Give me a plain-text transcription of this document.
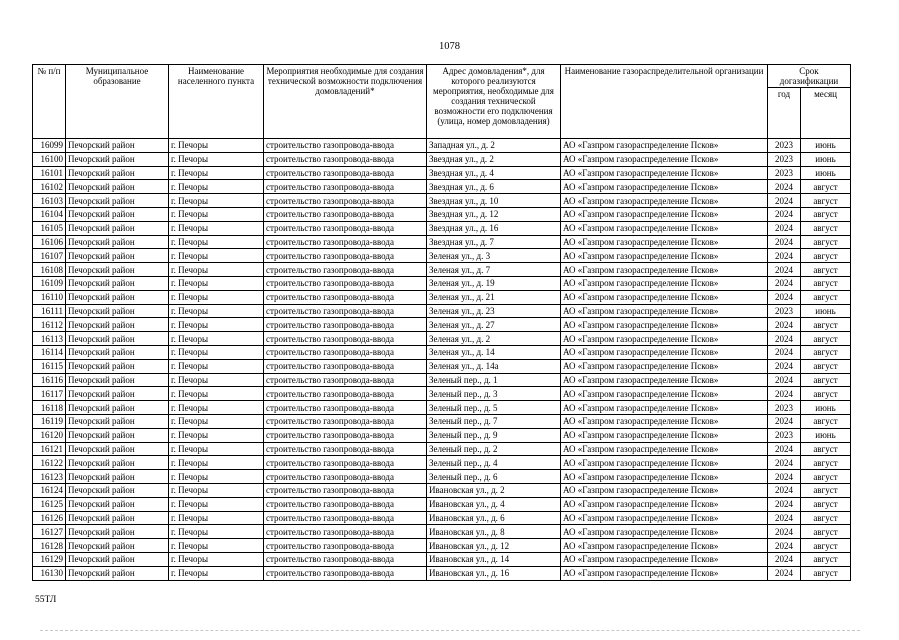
1078
№ п/п	Муниципальное образование	Наименование населенного пункта	Мероприятия необходимые для создания технической возможности подключения домовладений*	Адрес домовладения*, для которого реализуются мероприятия, необходимые для создания технической возможности его подключения (улица, номер домовладения)	Наименование газораспределительной организации	Срок догазификации	
						год	месяц
16099	Печорский район	г. Печоры	строительство газопровода-ввода	Западная ул., д. 2	АО «Газпром газораспределение Псков»	2023	июнь
16100	Печорский район	г. Печоры	строительство газопровода-ввода	Звездная ул., д. 2	АО «Газпром газораспределение Псков»	2023	июнь
16101	Печорский район	г. Печоры	строительство газопровода-ввода	Звездная ул., д. 4	АО «Газпром газораспределение Псков»	2023	июнь
16102	Печорский район	г. Печоры	строительство газопровода-ввода	Звездная ул., д. 6	АО «Газпром газораспределение Псков»	2024	август
16103	Печорский район	г. Печоры	строительство газопровода-ввода	Звездная ул., д. 10	АО «Газпром газораспределение Псков»	2024	август
16104	Печорский район	г. Печоры	строительство газопровода-ввода	Звездная ул., д. 12	АО «Газпром газораспределение Псков»	2024	август
16105	Печорский район	г. Печоры	строительство газопровода-ввода	Звездная ул., д. 16	АО «Газпром газораспределение Псков»	2024	август
16106	Печорский район	г. Печоры	строительство газопровода-ввода	Звездная ул., д. 7	АО «Газпром газораспределение Псков»	2024	август
16107	Печорский район	г. Печоры	строительство газопровода-ввода	Зеленая ул., д. 3	АО «Газпром газораспределение Псков»	2024	август
16108	Печорский район	г. Печоры	строительство газопровода-ввода	Зеленая ул., д. 7	АО «Газпром газораспределение Псков»	2024	август
16109	Печорский район	г. Печоры	строительство газопровода-ввода	Зеленая ул., д. 19	АО «Газпром газораспределение Псков»	2024	август
16110	Печорский район	г. Печоры	строительство газопровода-ввода	Зеленая ул., д. 21	АО «Газпром газораспределение Псков»	2024	август
16111	Печорский район	г. Печоры	строительство газопровода-ввода	Зеленая ул., д. 23	АО «Газпром газораспределение Псков»	2023	июнь
16112	Печорский район	г. Печоры	строительство газопровода-ввода	Зеленая ул., д. 27	АО «Газпром газораспределение Псков»	2024	август
16113	Печорский район	г. Печоры	строительство газопровода-ввода	Зеленая ул., д. 2	АО «Газпром газораспределение Псков»	2024	август
16114	Печорский район	г. Печоры	строительство газопровода-ввода	Зеленая ул., д. 14	АО «Газпром газораспределение Псков»	2024	август
16115	Печорский район	г. Печоры	строительство газопровода-ввода	Зеленая ул., д. 14а	АО «Газпром газораспределение Псков»	2024	август
16116	Печорский район	г. Печоры	строительство газопровода-ввода	Зеленый пер., д. 1	АО «Газпром газораспределение Псков»	2024	август
16117	Печорский район	г. Печоры	строительство газопровода-ввода	Зеленый пер., д. 3	АО «Газпром газораспределение Псков»	2024	август
16118	Печорский район	г. Печоры	строительство газопровода-ввода	Зеленый пер., д. 5	АО «Газпром газораспределение Псков»	2023	июнь
16119	Печорский район	г. Печоры	строительство газопровода-ввода	Зеленый пер., д. 7	АО «Газпром газораспределение Псков»	2024	август
16120	Печорский район	г. Печоры	строительство газопровода-ввода	Зеленый пер., д. 9	АО «Газпром газораспределение Псков»	2023	июнь
16121	Печорский район	г. Печоры	строительство газопровода-ввода	Зеленый пер., д. 2	АО «Газпром газораспределение Псков»	2024	август
16122	Печорский район	г. Печоры	строительство газопровода-ввода	Зеленый пер., д. 4	АО «Газпром газораспределение Псков»	2024	август
16123	Печорский район	г. Печоры	строительство газопровода-ввода	Зеленый пер., д. 6	АО «Газпром газораспределение Псков»	2024	август
16124	Печорский район	г. Печоры	строительство газопровода-ввода	Ивановская ул., д. 2	АО «Газпром газораспределение Псков»	2024	август
16125	Печорский район	г. Печоры	строительство газопровода-ввода	Ивановская ул., д. 4	АО «Газпром газораспределение Псков»	2024	август
16126	Печорский район	г. Печоры	строительство газопровода-ввода	Ивановская ул., д. 6	АО «Газпром газораспределение Псков»	2024	август
16127	Печорский район	г. Печоры	строительство газопровода-ввода	Ивановская ул., д. 8	АО «Газпром газораспределение Псков»	2024	август
16128	Печорский район	г. Печоры	строительство газопровода-ввода	Ивановская ул., д. 12	АО «Газпром газораспределение Псков»	2024	август
16129	Печорский район	г. Печоры	строительство газопровода-ввода	Ивановская ул., д. 14	АО «Газпром газораспределение Псков»	2024	август
16130	Печорский район	г. Печоры	строительство газопровода-ввода	Ивановская ул., д. 16	АО «Газпром газораспределение Псков»	2024	август
55ТЛ
